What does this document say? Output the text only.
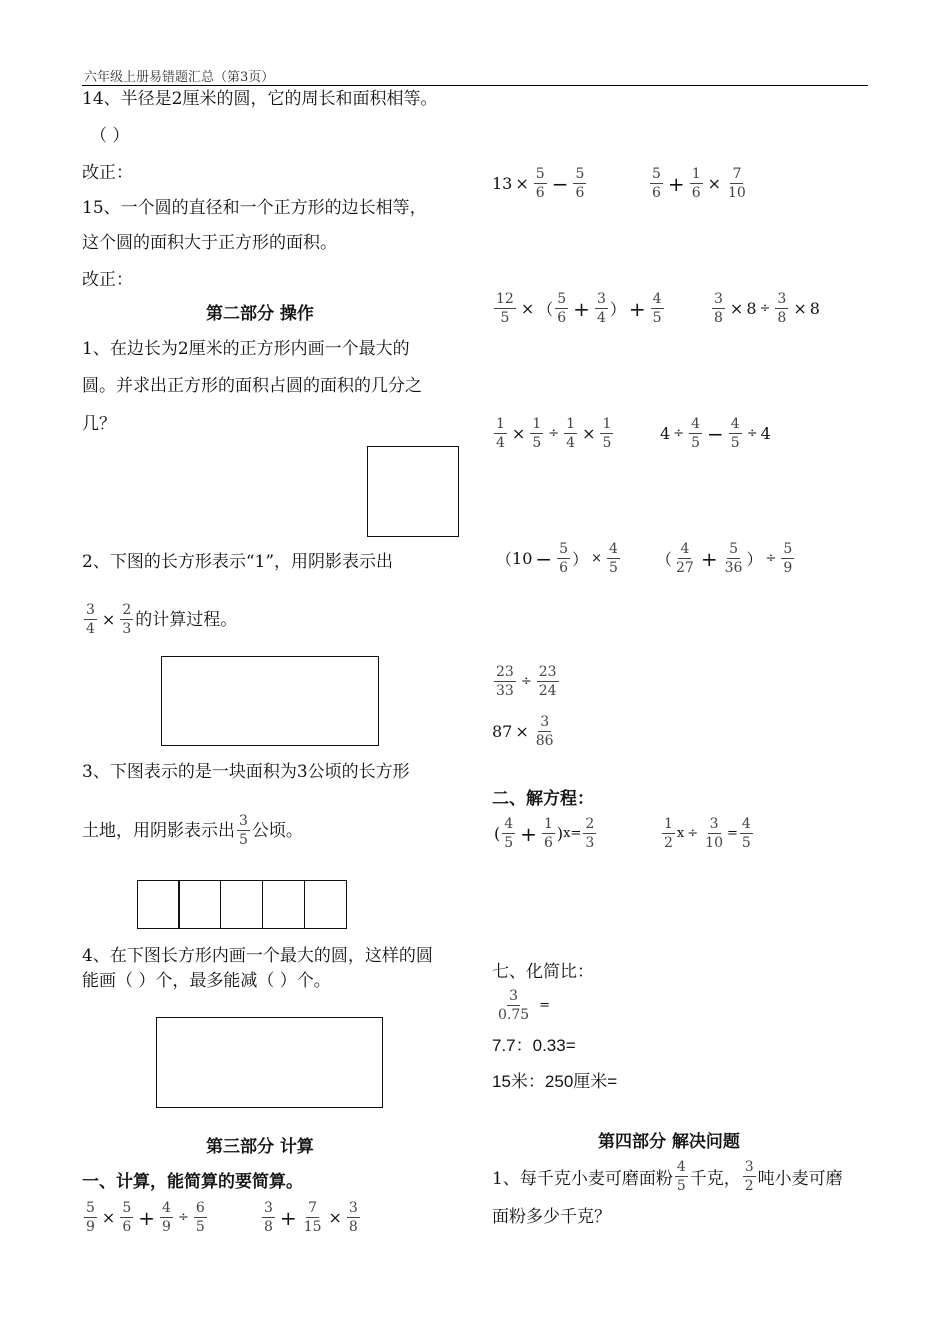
六年级上册易错题汇总（第3页）
14、半径是2厘米的圆，它的周长和面积相等。
（ ）
改正：
15、一个圆的直径和一个正方形的边长相等，
这个圆的面积大于正方形的面积。
改正：
第二部分 操作
1、在边长为2厘米的正方形内画一个最大的
圆。并求出正方形的面积占圆的面积的几分之
几？
2、下图的长方形表示“1”，用阴影表示出
$\frac{3}{4} \times \frac{2}{3}$ 的计算过程。
3、下图表示的是一块面积为3公顷的长方形
土地，用阴影表示出 $\frac{3}{5}$ 公顷。
4、在下图长方形内画一个最大的圆，这样的圆
能画（ ）个，最多能减（ ）个。
第三部分 计算
一、计算，能简算的要简算。
$\frac{5}{9} \times \frac{5}{6} + \frac{4}{9} \div \frac{6}{5}$	$\frac{3}{8} + \frac{7}{15} \times \frac{3}{8}$
$13 \times \frac{5}{6} - \frac{5}{6}$	$\frac{5}{6} + \frac{1}{6} \times \frac{7}{10}$
$\frac{12}{5}$ × （ $\frac{5}{6} + \frac{3}{4}$ ） + $\frac{4}{5}$	$\frac{3}{8} \times 8 \div \frac{3}{8} \times 8$
$\frac{1}{4} \times \frac{1}{5} \div \frac{1}{4} \times \frac{1}{5}$	$4 \div \frac{4}{5} - \frac{4}{5} \div 4$
（ $10 - \frac{5}{6}$ ） × $\frac{4}{5}$ （ $\frac{4}{27} + \frac{5}{36}$ ） ÷ $\frac{5}{9}$
$\frac{23}{33} \div \frac{23}{24}$
$87 \times \frac{3}{86}$
二、解方程：
( $\frac{4}{5} + \frac{1}{6}$ ) $x= \frac{2}{3}$	$\frac{1}{2}$ $x \div \frac{3}{10} = \frac{4}{5}$
七、化简比：
$\frac{3}{0.75}$ =
7.7：0.33=
15米：250厘米=
第四部分 解决问题
1、每千克小麦可磨面粉 $\frac{4}{5}$ 千克， $\frac{3}{2}$ 吨小麦可磨
面粉多少千克？
